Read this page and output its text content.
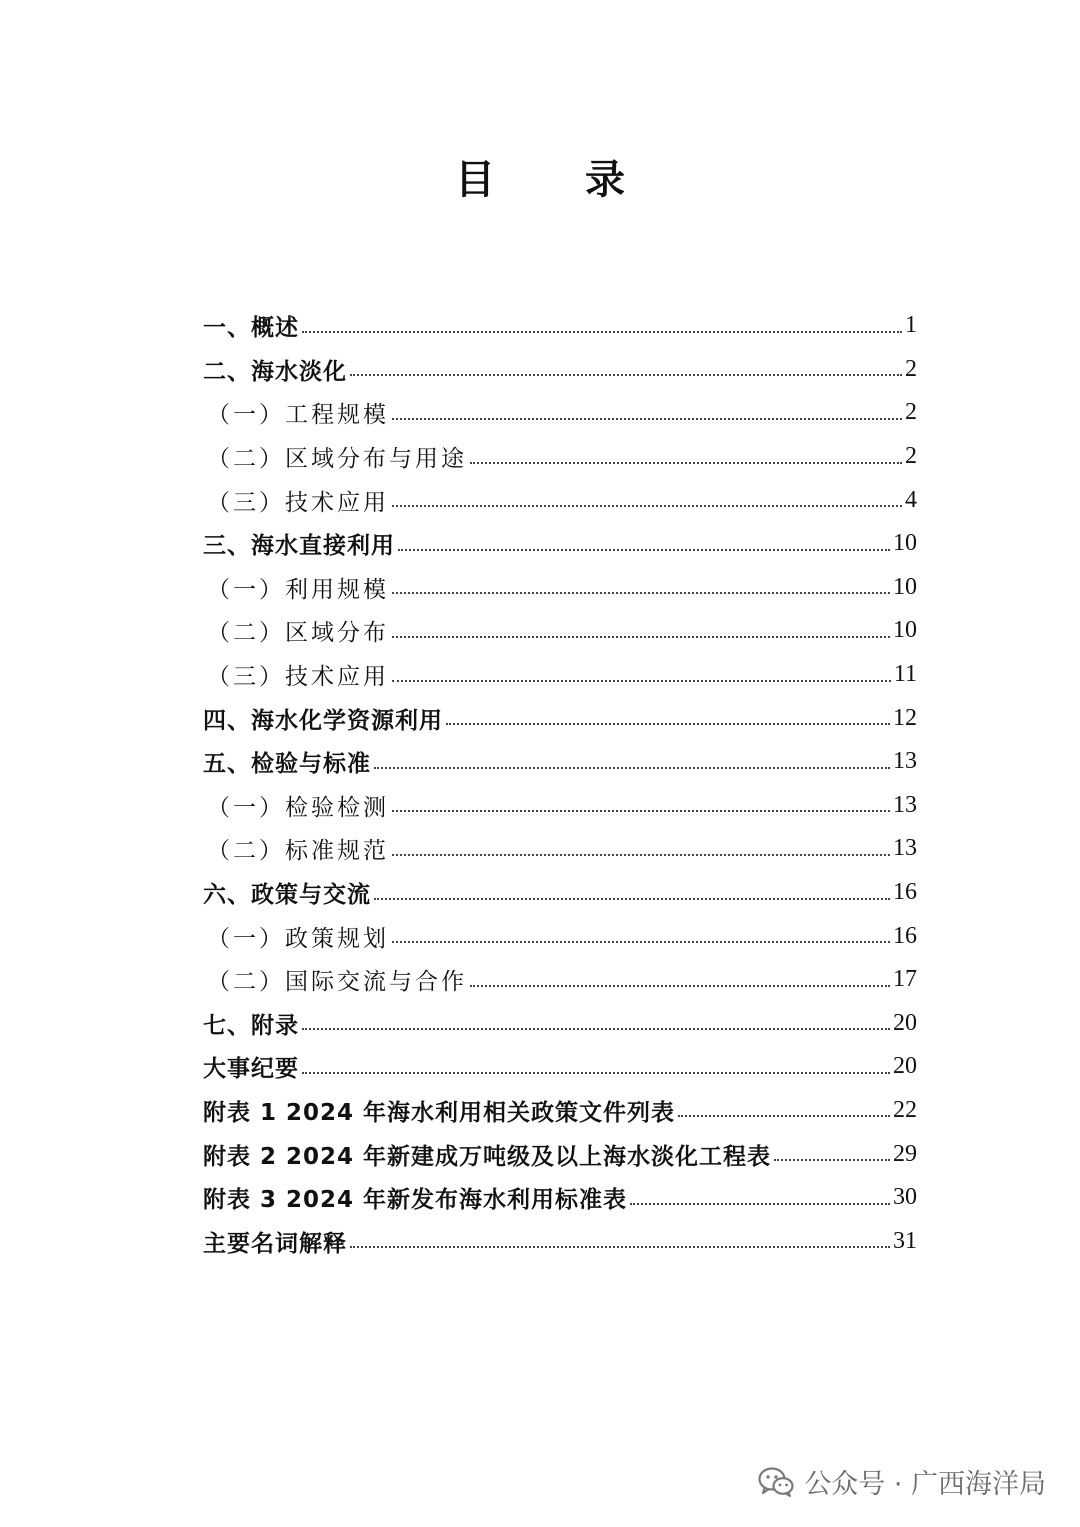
目 录
一、概述	1
二、海水淡化	2
（一）工程规模	2
（二）区域分布与用途	2
（三）技术应用	4
三、海水直接利用	10
（一）利用规模	10
（二）区域分布	10
（三）技术应用	11
四、海水化学资源利用	12
五、检验与标准	13
（一）检验检测	13
（二）标准规范	13
六、政策与交流	16
（一）政策规划	16
（二）国际交流与合作	17
七、附录	20
大事纪要	20
附表 1 2024 年海水利用相关政策文件列表	22
附表 2 2024 年新建成万吨级及以上海水淡化工程表	29
附表 3 2024 年新发布海水利用标准表	30
主要名词解释	31
公众号 · 广西海洋局
